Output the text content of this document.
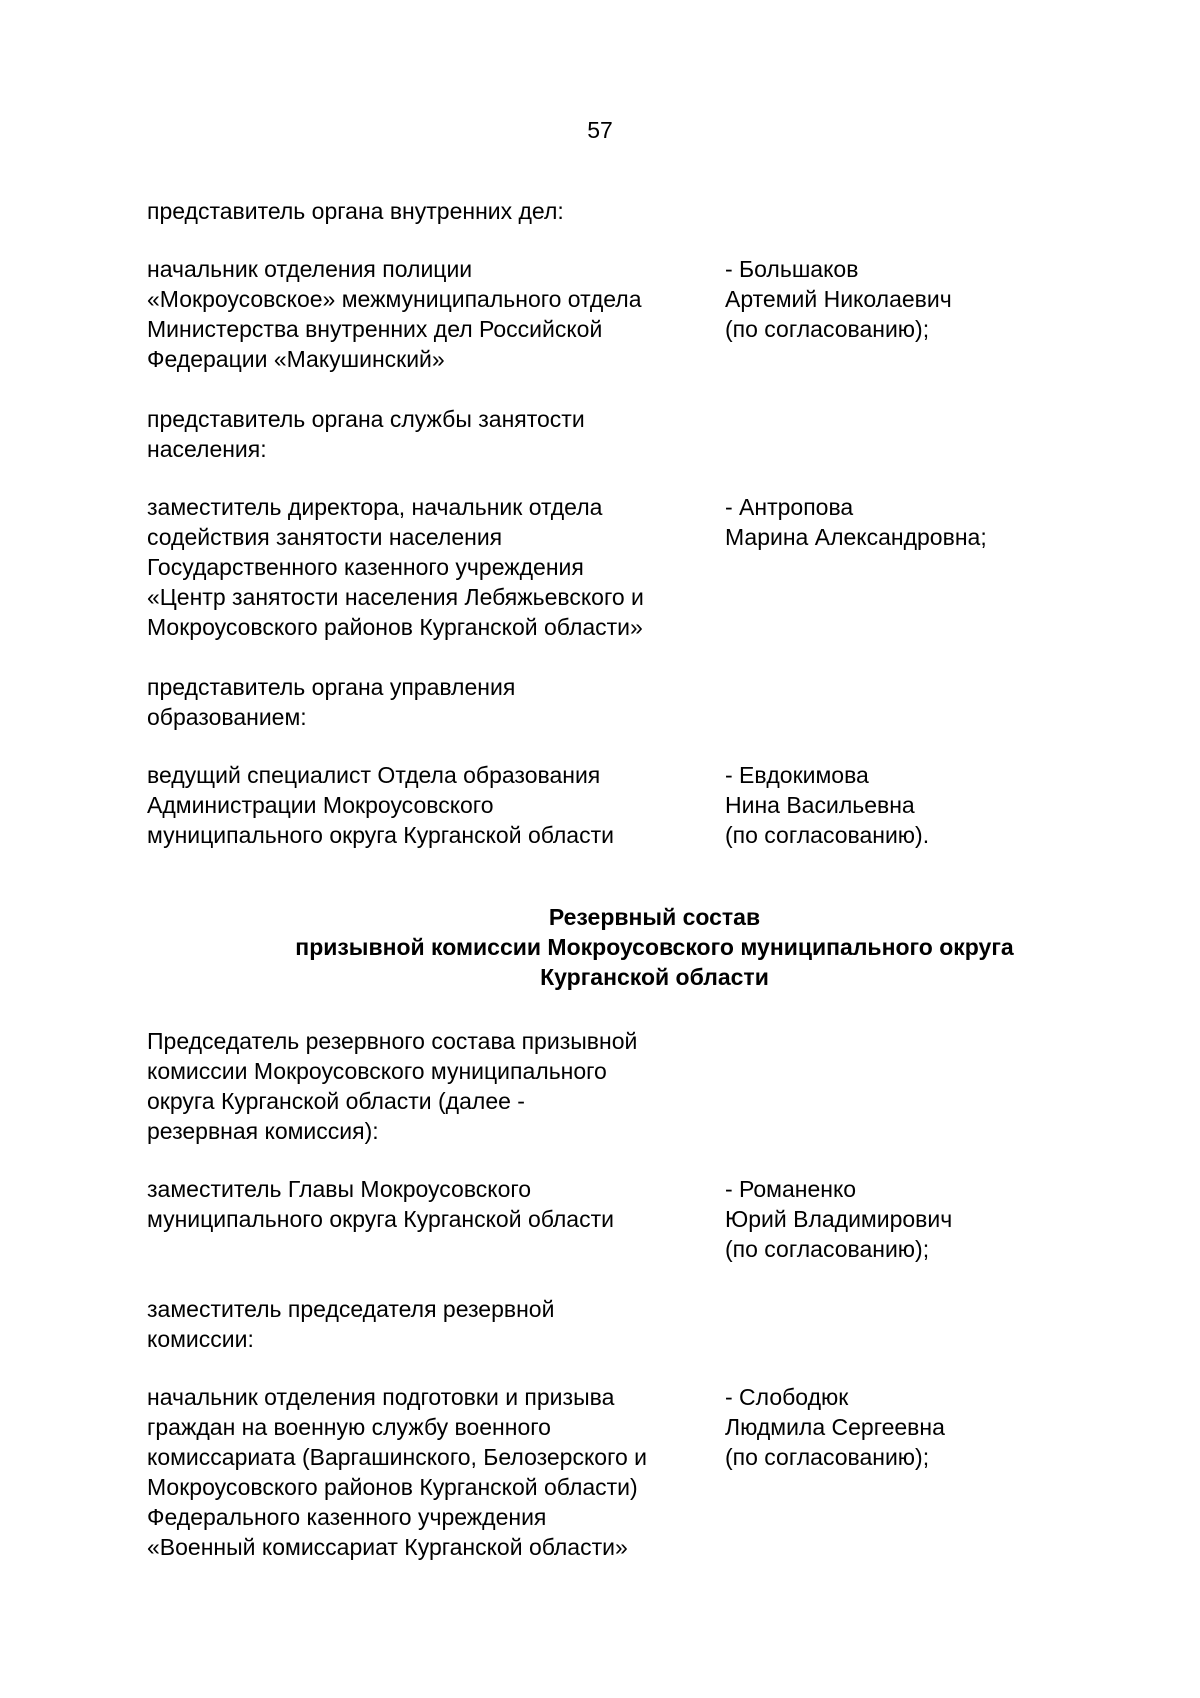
57
представитель органа внутренних дел:
начальник отделения полиции
«Мокроусовское» межмуниципального отдела
Министерства внутренних дел Российской
Федерации «Макушинский»
- Большаков
Артемий Николаевич
(по согласованию);
представитель органа службы занятости
населения:
заместитель директора, начальник отдела
содействия занятости населения
Государственного казенного учреждения
«Центр занятости населения Лебяжьевского и
Мокроусовского районов Курганской области»
- Антропова
Марина Александровна;
представитель органа управления
образованием:
ведущий специалист Отдела образования
Администрации Мокроусовского
муниципального округа Курганской области
- Евдокимова
Нина Васильевна
(по согласованию).
Резервный состав
призывной комиссии Мокроусовского муниципального округа
Курганской области
Председатель резервного состава призывной
комиссии Мокроусовского муниципального
округа Курганской области (далее -
резервная комиссия):
заместитель Главы Мокроусовского
муниципального округа Курганской области
- Романенко
Юрий Владимирович
(по согласованию);
заместитель председателя резервной
комиссии:
начальник отделения подготовки и призыва
граждан на военную службу военного
комиссариата (Варгашинского, Белозерского и
Мокроусовского районов Курганской области)
Федерального казенного учреждения
«Военный комиссариат Курганской области»
- Слободюк
Людмила Сергеевна
(по согласованию);
